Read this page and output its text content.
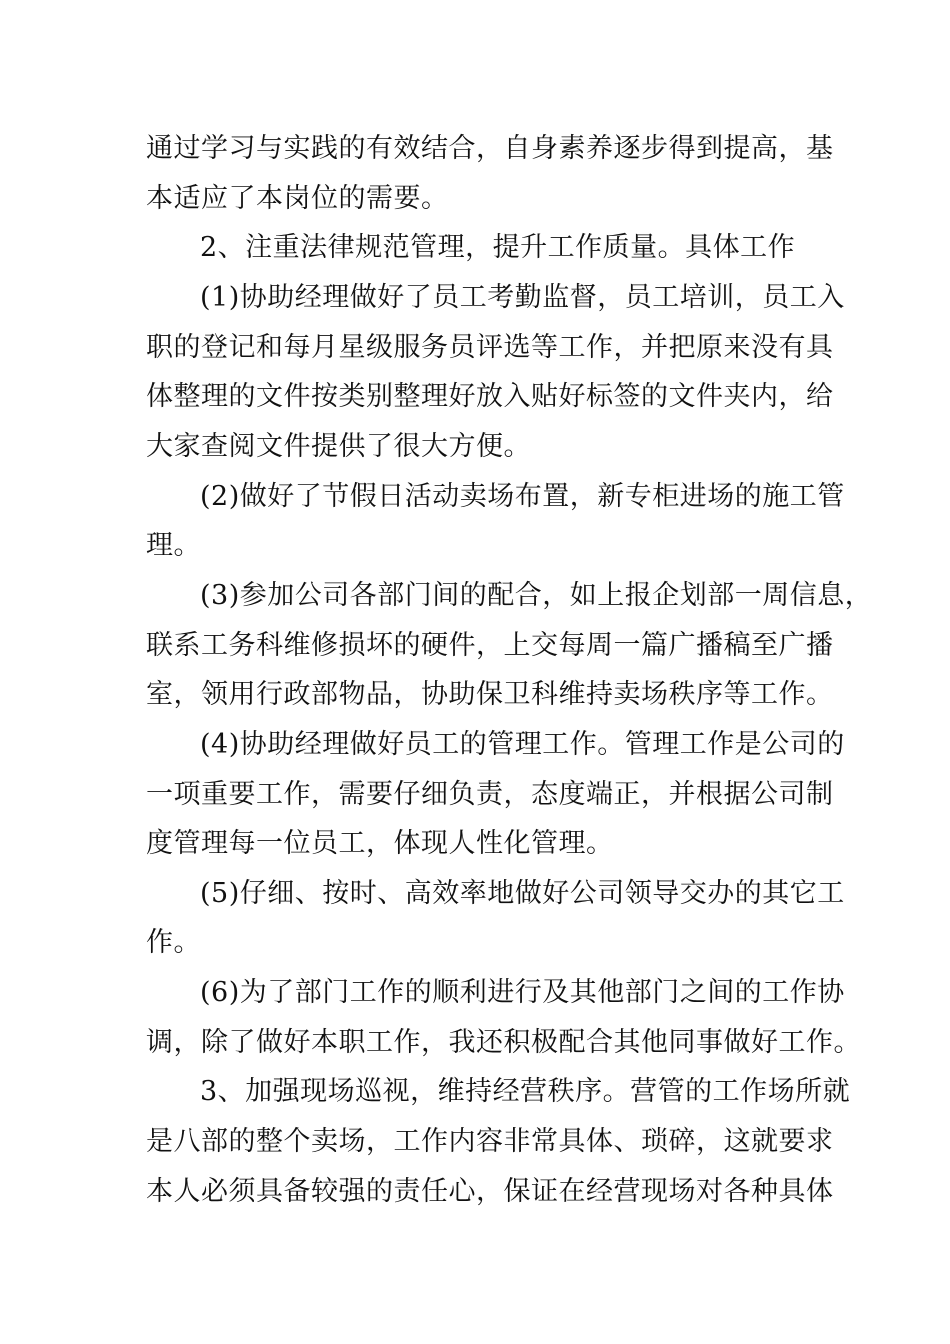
通过学习与实践的有效结合，自身素养逐步得到提高，基
本适应了本岗位的需要。
2、注重法律规范管理，提升工作质量。具体工作
(1)协助经理做好了员工考勤监督，员工培训，员工入
职的登记和每月星级服务员评选等工作，并把原来没有具
体整理的文件按类别整理好放入贴好标签的文件夹内，给
大家查阅文件提供了很大方便。
(2)做好了节假日活动卖场布置，新专柜进场的施工管
理。
(3)参加公司各部门间的配合，如上报企划部一周信息，
联系工务科维修损坏的硬件，上交每周一篇广播稿至广播
室，领用行政部物品，协助保卫科维持卖场秩序等工作。
(4)协助经理做好员工的管理工作。管理工作是公司的
一项重要工作，需要仔细负责，态度端正，并根据公司制
度管理每一位员工，体现人性化管理。
(5)仔细、按时、高效率地做好公司领导交办的其它工
作。
(6)为了部门工作的顺利进行及其他部门之间的工作协
调，除了做好本职工作，我还积极配合其他同事做好工作。
3、加强现场巡视，维持经营秩序。营管的工作场所就
是八部的整个卖场，工作内容非常具体、琐碎，这就要求
本人必须具备较强的责任心，保证在经营现场对各种具体
